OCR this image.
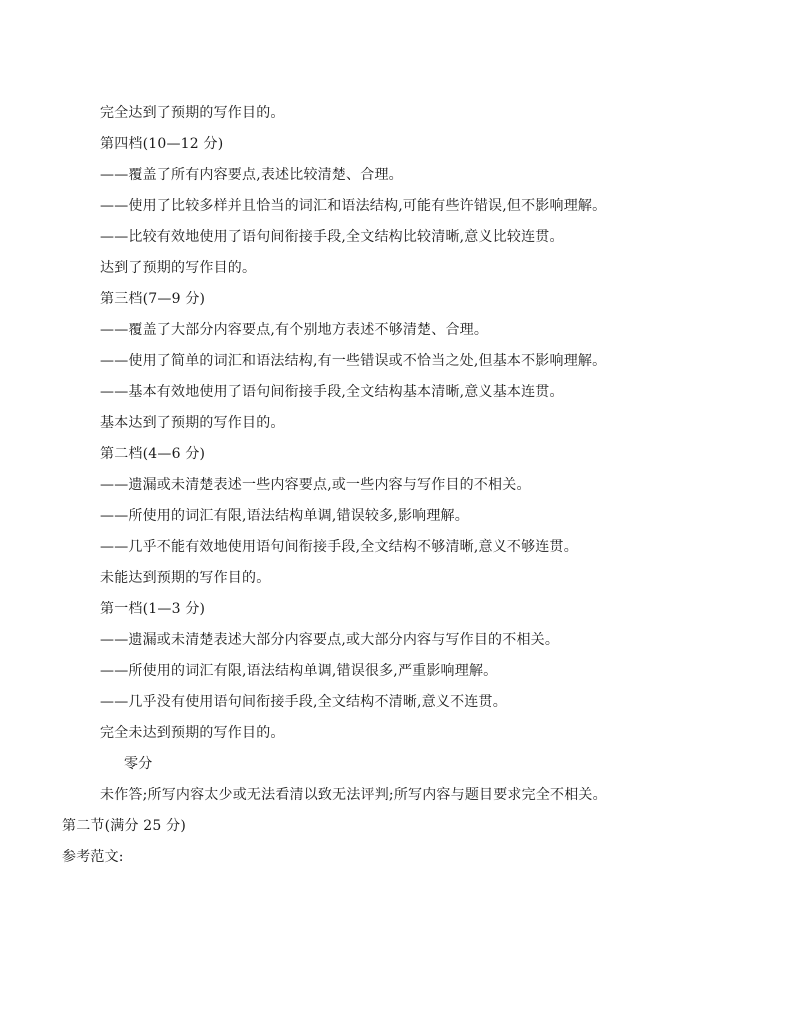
完全达到了预期的写作目的。
第四档(10—12 分)
——覆盖了所有内容要点,表述比较清楚、合理。
——使用了比较多样并且恰当的词汇和语法结构,可能有些许错误,但不影响理解。
——比较有效地使用了语句间衔接手段,全文结构比较清晰,意义比较连贯。
达到了预期的写作目的。
第三档(7—9 分)
——覆盖了大部分内容要点,有个别地方表述不够清楚、合理。
——使用了简单的词汇和语法结构,有一些错误或不恰当之处,但基本不影响理解。
——基本有效地使用了语句间衔接手段,全文结构基本清晰,意义基本连贯。
基本达到了预期的写作目的。
第二档(4—6 分)
——遗漏或未清楚表述一些内容要点,或一些内容与写作目的不相关。
——所使用的词汇有限,语法结构单调,错误较多,影响理解。
——几乎不能有效地使用语句间衔接手段,全文结构不够清晰,意义不够连贯。
未能达到预期的写作目的。
第一档(1—3 分)
——遗漏或未清楚表述大部分内容要点,或大部分内容与写作目的不相关。
——所使用的词汇有限,语法结构单调,错误很多,严重影响理解。
——几乎没有使用语句间衔接手段,全文结构不清晰,意义不连贯。
完全未达到预期的写作目的。
零分
未作答;所写内容太少或无法看清以致无法评判;所写内容与题目要求完全不相关。
第二节(满分 25 分)
参考范文:
